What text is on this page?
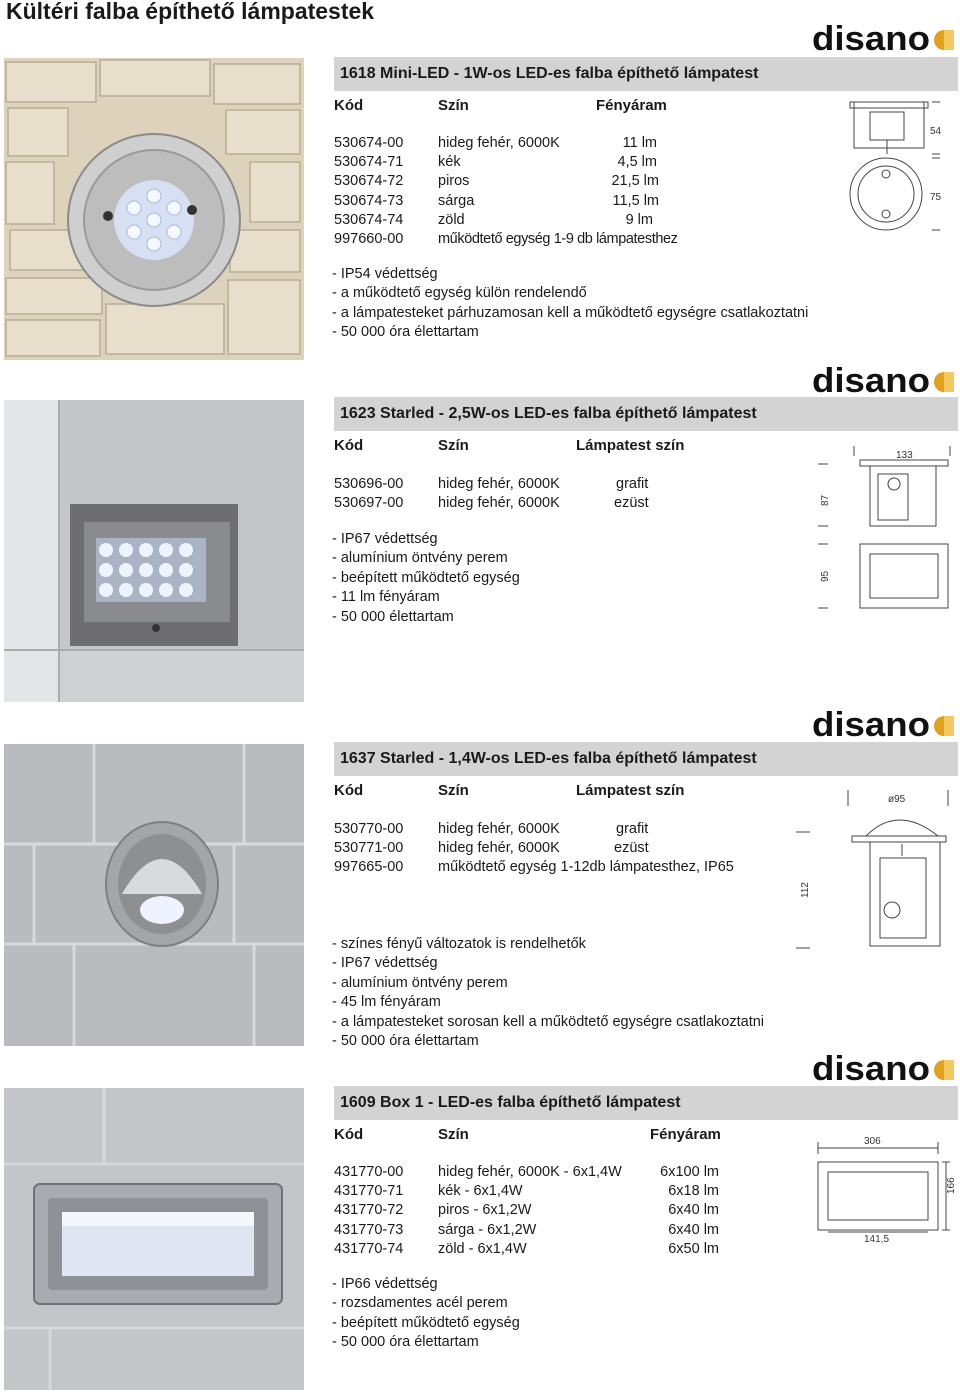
Kültéri falba építhető lámpatestek
disano
disano
disano
disano
1618 Mini-LED - 1W-os LED-es falba építhető lámpatest
Kód	Szín	Fényáram
530674-00 hideg fehér, 6000K	11 lm
530674-71 kék	4,5 lm
530674-72 piros	21,5 lm
530674-73 sárga	11,5 lm
530674-74 zöld	9 lm
997660-00 működtető egység 1-9 db lámpatesthez
- IP54 védettség
- a működtető egység külön rendelendő
- a lámpatesteket párhuzamosan kell a működtető egységre csatlakoztatni
- 50 000 óra élettartam
54
75
1623 Starled - 2,5W-os LED-es falba építhető lámpatest
Kód	Szín	Lámpatest szín
530696-00 hideg fehér, 6000K	grafit
530697-00 hideg fehér, 6000K	ezüst
- IP67 védettség
- alumínium öntvény perem
- beépített működtető egység
- 11 lm fényáram
- 50 000 élettartam
133
87
95
1637 Starled - 1,4W-os LED-es falba építhető lámpatest
Kód	Szín	Lámpatest szín
530770-00 hideg fehér, 6000K	grafit
530771-00 hideg fehér, 6000K	ezüst
997665-00 működtető egység 1-12db lámpatesthez, IP65
- színes fényű változatok is rendelhetők
- IP67 védettség
- alumínium öntvény perem
- 45 lm fényáram
- a lámpatesteket sorosan kell a működtető egységre csatlakoztatni
- 50 000 óra élettartam
ø95
112
1609 Box 1 - LED-es falba építhető lámpatest
Kód	Szín	Fényáram
431770-00 hideg fehér, 6000K - 6x1,4W	6x100 lm
431770-71 kék - 6x1,4W	6x18 lm
431770-72 piros - 6x1,2W	6x40 lm
431770-73 sárga - 6x1,2W	6x40 lm
431770-74 zöld - 6x1,4W	6x50 lm
- IP66 védettség
- rozsdamentes acél perem
- beépített működtető egység
- 50 000 óra élettartam
306
166
141,5
